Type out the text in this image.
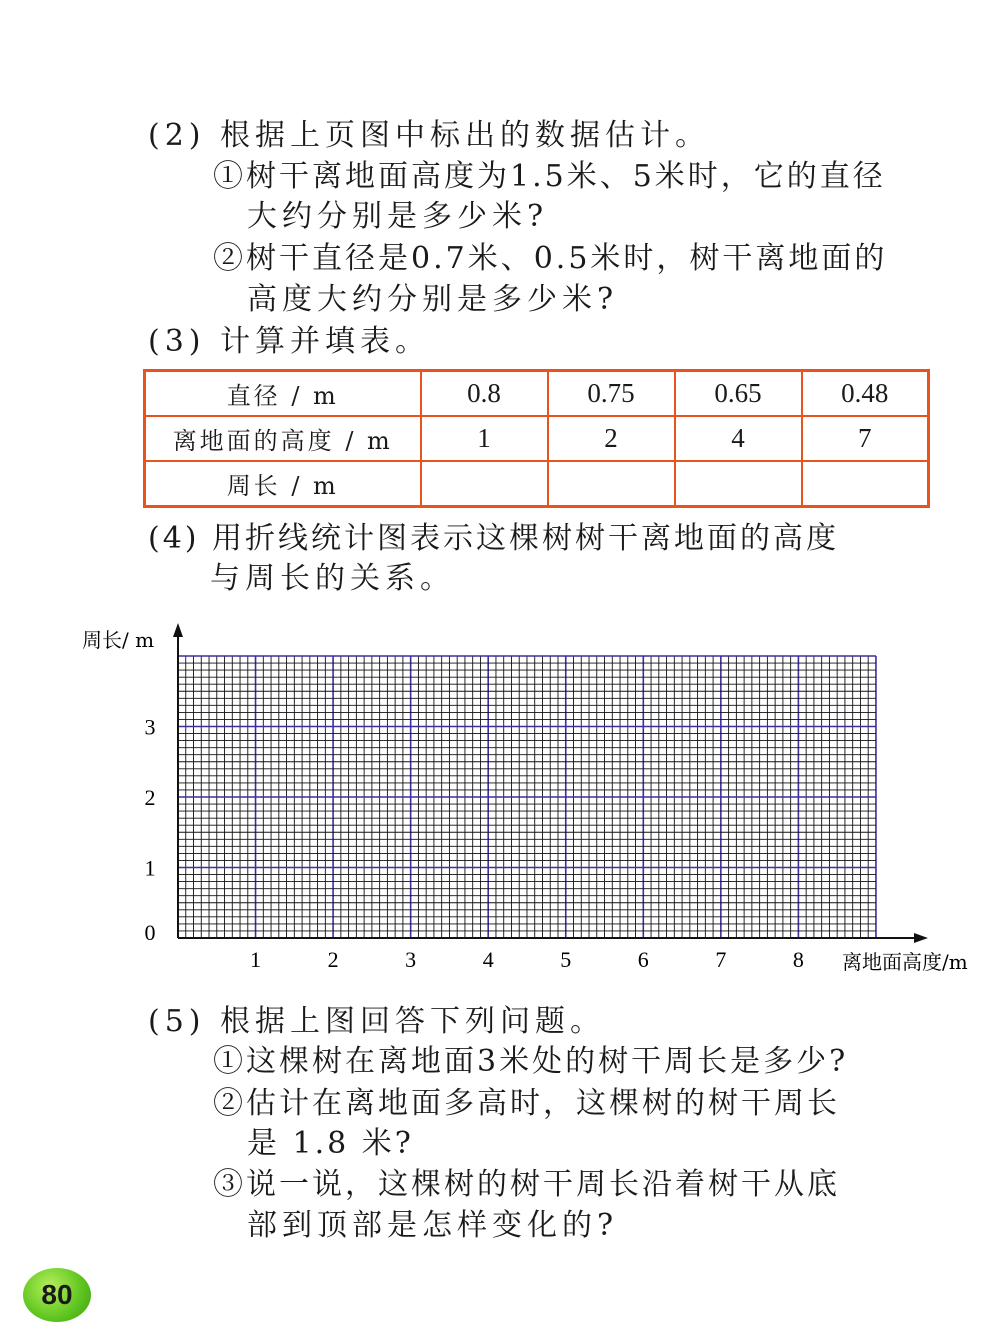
(2) 根据上页图中标出的数据估计。
①树干离地面高度为1.5米、5米时，它的直径
大约分别是多少米?
②树干直径是0.7米、0.5米时，树干离地面的
高度大约分别是多少米?
(3) 计算并填表。
直径 / m	0.8	0.75	0.65	0.48
离地面的高度 / m	1	2	4	7
周长 / m				
(4) 用折线统计图表示这棵树树干离地面的高度
与周长的关系。
周长/ m
离地面高度/m
0
1
2
3
1	2	3	4	5	6	7	8
(5) 根据上图回答下列问题。
①这棵树在离地面3米处的树干周长是多少?
②估计在离地面多高时，这棵树的树干周长
是 1.8 米?
③说一说，这棵树的树干周长沿着树干从底
部到顶部是怎样变化的?
80
